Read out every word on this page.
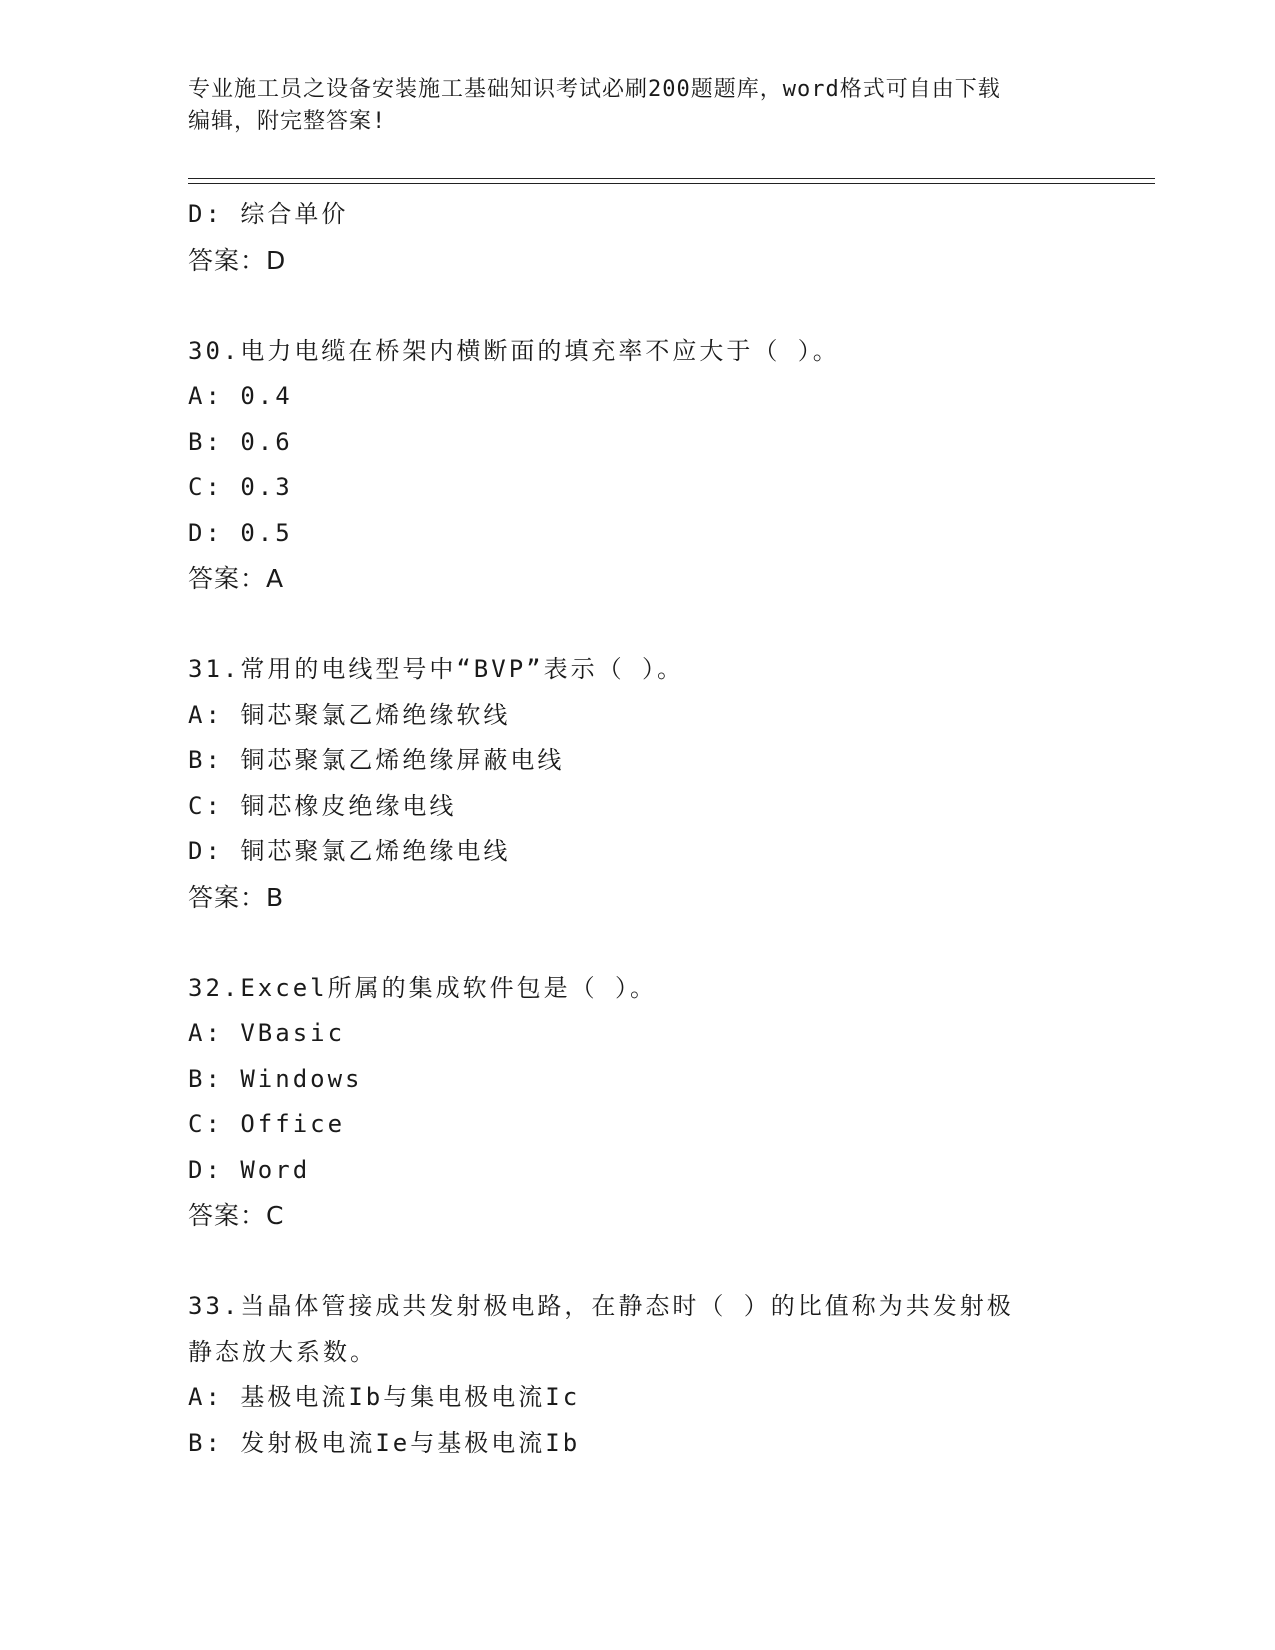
专业施工员之设备安装施工基础知识考试必刷200题题库，word格式可自由下载
编辑，附完整答案!
D: 综合单价
答案：D
30.电力电缆在桥架内横断面的填充率不应大于（ ）。
A: 0.4
B: 0.6
C: 0.3
D: 0.5
答案：A
31.常用的电线型号中“BVP”表示（ ）。
A: 铜芯聚氯乙烯绝缘软线
B: 铜芯聚氯乙烯绝缘屏蔽电线
C: 铜芯橡皮绝缘电线
D: 铜芯聚氯乙烯绝缘电线
答案：B
32.Excel所属的集成软件包是（ ）。
A: VBasic
B: Windows
C: Office
D: Word
答案：C
33.当晶体管接成共发射极电路，在静态时（ ）的比值称为共发射极
静态放大系数。
A: 基极电流Ib与集电极电流Ic
B: 发射极电流Ie与基极电流Ib
